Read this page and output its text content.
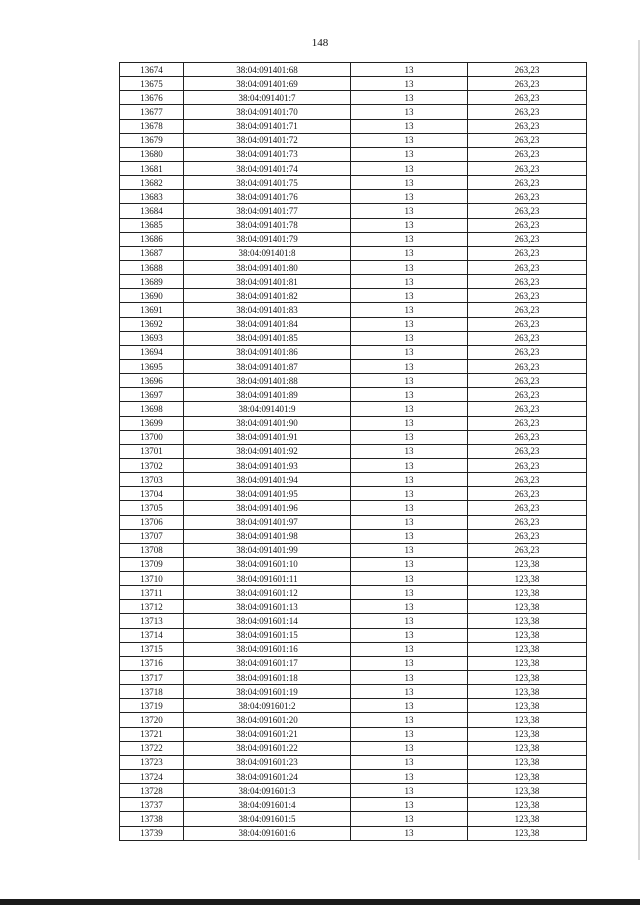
148
13674	38:04:091401:68	13	263,23
13675	38:04:091401:69	13	263,23
13676	38:04:091401:7	13	263,23
13677	38:04:091401:70	13	263,23
13678	38:04:091401:71	13	263,23
13679	38:04:091401:72	13	263,23
13680	38:04:091401:73	13	263,23
13681	38:04:091401:74	13	263,23
13682	38:04:091401:75	13	263,23
13683	38:04:091401:76	13	263,23
13684	38:04:091401:77	13	263,23
13685	38:04:091401:78	13	263,23
13686	38:04:091401:79	13	263,23
13687	38:04:091401:8	13	263,23
13688	38:04:091401:80	13	263,23
13689	38:04:091401:81	13	263,23
13690	38:04:091401:82	13	263,23
13691	38:04:091401:83	13	263,23
13692	38:04:091401:84	13	263,23
13693	38:04:091401:85	13	263,23
13694	38:04:091401:86	13	263,23
13695	38:04:091401:87	13	263,23
13696	38:04:091401:88	13	263,23
13697	38:04:091401:89	13	263,23
13698	38:04:091401:9	13	263,23
13699	38:04:091401:90	13	263,23
13700	38:04:091401:91	13	263,23
13701	38:04:091401:92	13	263,23
13702	38:04:091401:93	13	263,23
13703	38:04:091401:94	13	263,23
13704	38:04:091401:95	13	263,23
13705	38:04:091401:96	13	263,23
13706	38:04:091401:97	13	263,23
13707	38:04:091401:98	13	263,23
13708	38:04:091401:99	13	263,23
13709	38:04:091601:10	13	123,38
13710	38:04:091601:11	13	123,38
13711	38:04:091601:12	13	123,38
13712	38:04:091601:13	13	123,38
13713	38:04:091601:14	13	123,38
13714	38:04:091601:15	13	123,38
13715	38:04:091601:16	13	123,38
13716	38:04:091601:17	13	123,38
13717	38:04:091601:18	13	123,38
13718	38:04:091601:19	13	123,38
13719	38:04:091601:2	13	123,38
13720	38:04:091601:20	13	123,38
13721	38:04:091601:21	13	123,38
13722	38:04:091601:22	13	123,38
13723	38:04:091601:23	13	123,38
13724	38:04:091601:24	13	123,38
13728	38:04:091601:3	13	123,38
13737	38:04:091601:4	13	123,38
13738	38:04:091601:5	13	123,38
13739	38:04:091601:6	13	123,38
